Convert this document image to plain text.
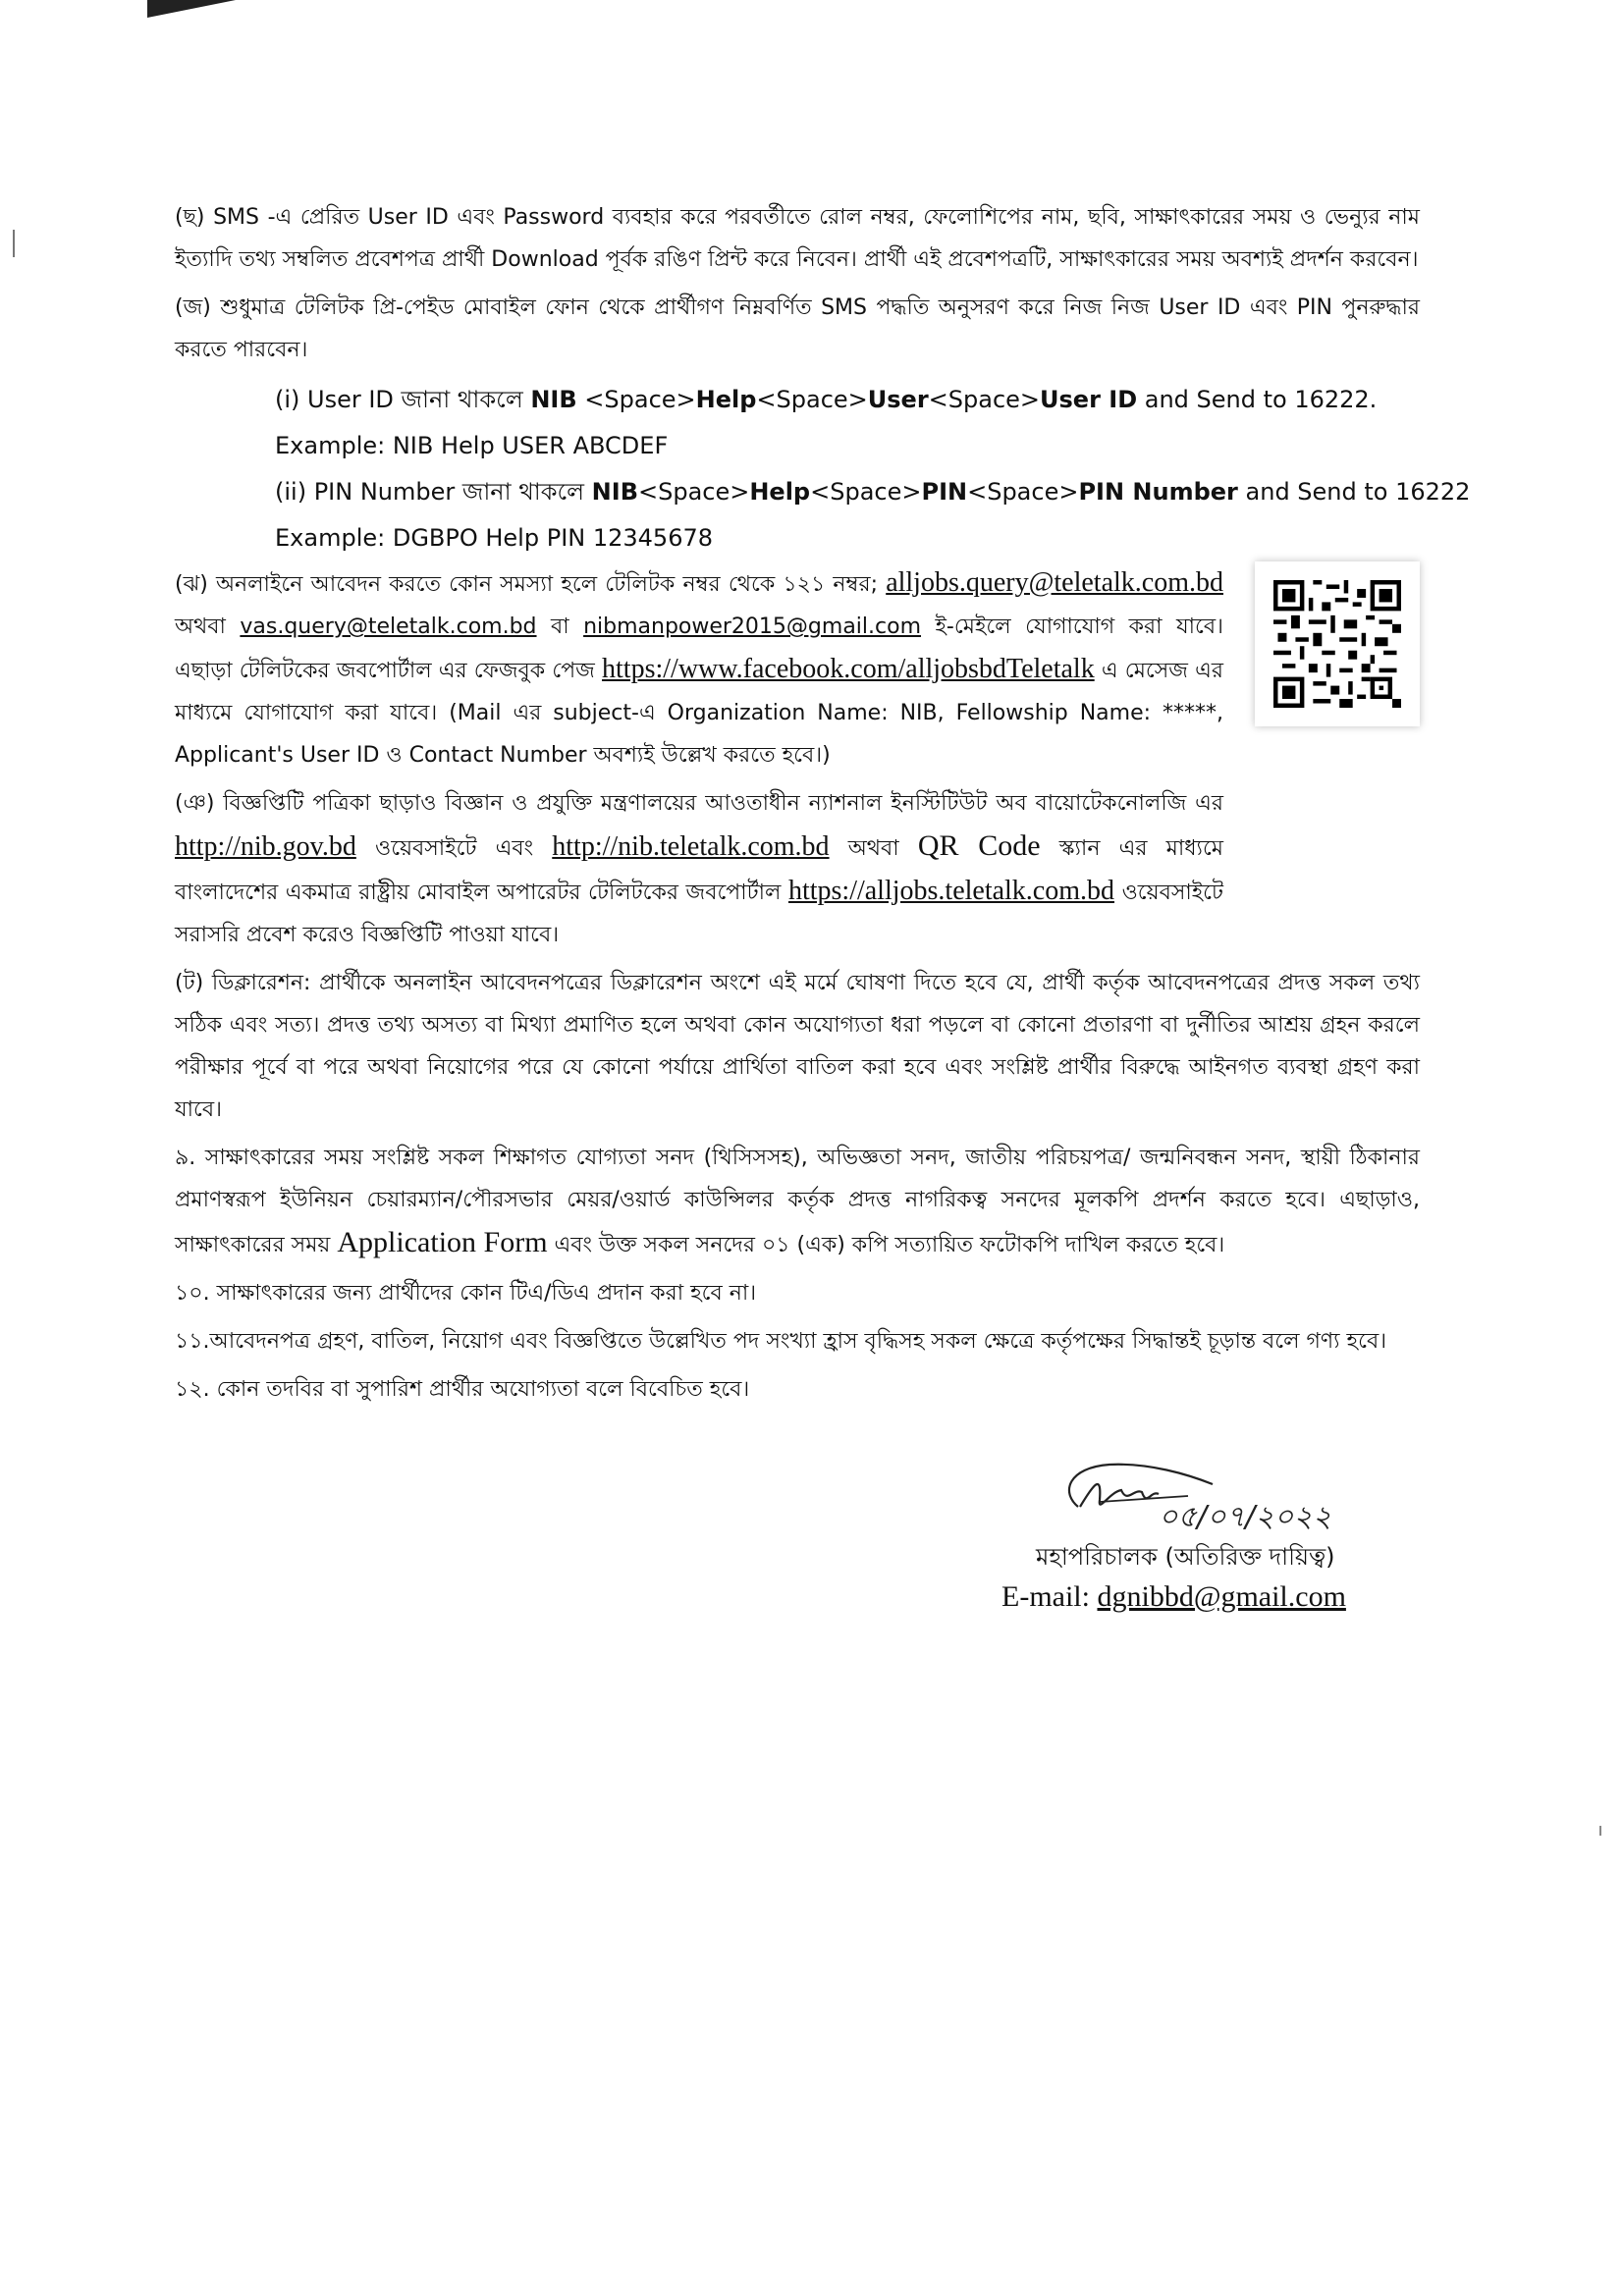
(ছ) SMS -এ প্রেরিত User ID এবং Password ব্যবহার করে পরবর্তীতে রোল নম্বর, ফেলোশিপের নাম, ছবি, সাক্ষাৎকারের সময় ও ভেন্যুর নাম ইত্যাদি তথ্য সম্বলিত প্রবেশপত্র প্রার্থী Download পূর্বক রঙিণ প্রিন্ট করে নিবেন। প্রার্থী এই প্রবেশপত্রটি, সাক্ষাৎকারের সময় অবশ্যই প্রদর্শন করবেন।

(জ) শুধুমাত্র টেলিটক প্রি-পেইড মোবাইল ফোন থেকে প্রার্থীগণ নিম্নবর্ণিত SMS পদ্ধতি অনুসরণ করে নিজ নিজ User ID এবং PIN পুনরুদ্ধার করতে পারবেন।

(i) User ID জানা থাকলে NIB <Space>Help<Space>User<Space>User ID and Send to 16222.
Example: NIB Help USER ABCDEF
(ii) PIN Number জানা থাকলে NIB<Space>Help<Space>PIN<Space>PIN Number and Send to 16222
Example: DGBPO Help PIN 12345678

(ঝ) অনলাইনে আবেদন করতে কোন সমস্যা হলে টেলিটক নম্বর থেকে ১২১ নম্বর; alljobs.query@teletalk.com.bd অথবা vas.query@teletalk.com.bd বা nibmanpower2015@gmail.com ই-মেইলে যোগাযোগ করা যাবে। এছাড়া টেলিটকের জবপোর্টাল এর ফেজবুক পেজ https://www.facebook.com/alljobsbdTeletalk এ মেসেজ এর মাধ্যমে যোগাযোগ করা যাবে। (Mail এর subject-এ Organization Name: NIB, Fellowship Name: *****, Applicant's User ID ও Contact Number অবশ্যই উল্লেখ করতে হবে।)

(ঞ) বিজ্ঞপ্তিটি পত্রিকা ছাড়াও বিজ্ঞান ও প্রযুক্তি মন্ত্রণালয়ের আওতাধীন ন্যাশনাল ইনস্টিটিউট অব বায়োটেকনোলজি এর http://nib.gov.bd ওয়েবসাইটে এবং http://nib.teletalk.com.bd অথবা QR Code স্ক্যান এর মাধ্যমে বাংলাদেশের একমাত্র রাষ্ট্রীয় মোবাইল অপারেটর টেলিটকের জবপোর্টাল https://alljobs.teletalk.com.bd ওয়েবসাইটে সরাসরি প্রবেশ করেও বিজ্ঞপ্তিটি পাওয়া যাবে।

(ট) ডিক্লারেশন: প্রার্থীকে অনলাইন আবেদনপত্রের ডিক্লারেশন অংশে এই মর্মে ঘোষণা দিতে হবে যে, প্রার্থী কর্তৃক আবেদনপত্রের প্রদত্ত সকল তথ্য সঠিক এবং সত্য। প্রদত্ত তথ্য অসত্য বা মিথ্যা প্রমাণিত হলে অথবা কোন অযোগ্যতা ধরা পড়লে বা কোনো প্রতারণা বা দুর্নীতির আশ্রয় গ্রহন করলে পরীক্ষার পূর্বে বা পরে অথবা নিয়োগের পরে যে কোনো পর্যায়ে প্রার্থিতা বাতিল করা হবে এবং সংশ্লিষ্ট প্রার্থীর বিরুদ্ধে আইনগত ব্যবস্থা গ্রহণ করা যাবে।

৯. সাক্ষাৎকারের সময় সংশ্লিষ্ট সকল শিক্ষাগত যোগ্যতা সনদ (থিসিসসহ), অভিজ্ঞতা সনদ, জাতীয় পরিচয়পত্র/ জন্মনিবন্ধন সনদ, স্থায়ী ঠিকানার প্রমাণস্বরূপ ইউনিয়ন চেয়ারম্যান/পৌরসভার মেয়র/ওয়ার্ড কাউন্সিলর কর্তৃক প্রদত্ত নাগরিকত্ব সনদের মূলকপি প্রদর্শন করতে হবে। এছাড়াও, সাক্ষাৎকারের সময় Application Form এবং উক্ত সকল সনদের ০১ (এক) কপি সত্যায়িত ফটোকপি দাখিল করতে হবে।

১০. সাক্ষাৎকারের জন্য প্রার্থীদের কোন টিএ/ডিএ প্রদান করা হবে না।

১১.আবেদনপত্র গ্রহণ, বাতিল, নিয়োগ এবং বিজ্ঞপ্তিতে উল্লেখিত পদ সংখ্যা হ্রাস বৃদ্ধিসহ সকল ক্ষেত্রে কর্তৃপক্ষের সিদ্ধান্তই চূড়ান্ত বলে গণ্য হবে।

১২. কোন তদবির বা সুপারিশ প্রার্থীর অযোগ্যতা বলে বিবেচিত হবে।

০৫/০৭/২০২২
মহাপরিচালক (অতিরিক্ত দায়িত্ব)
E-mail: dgnibbd@gmail.com
